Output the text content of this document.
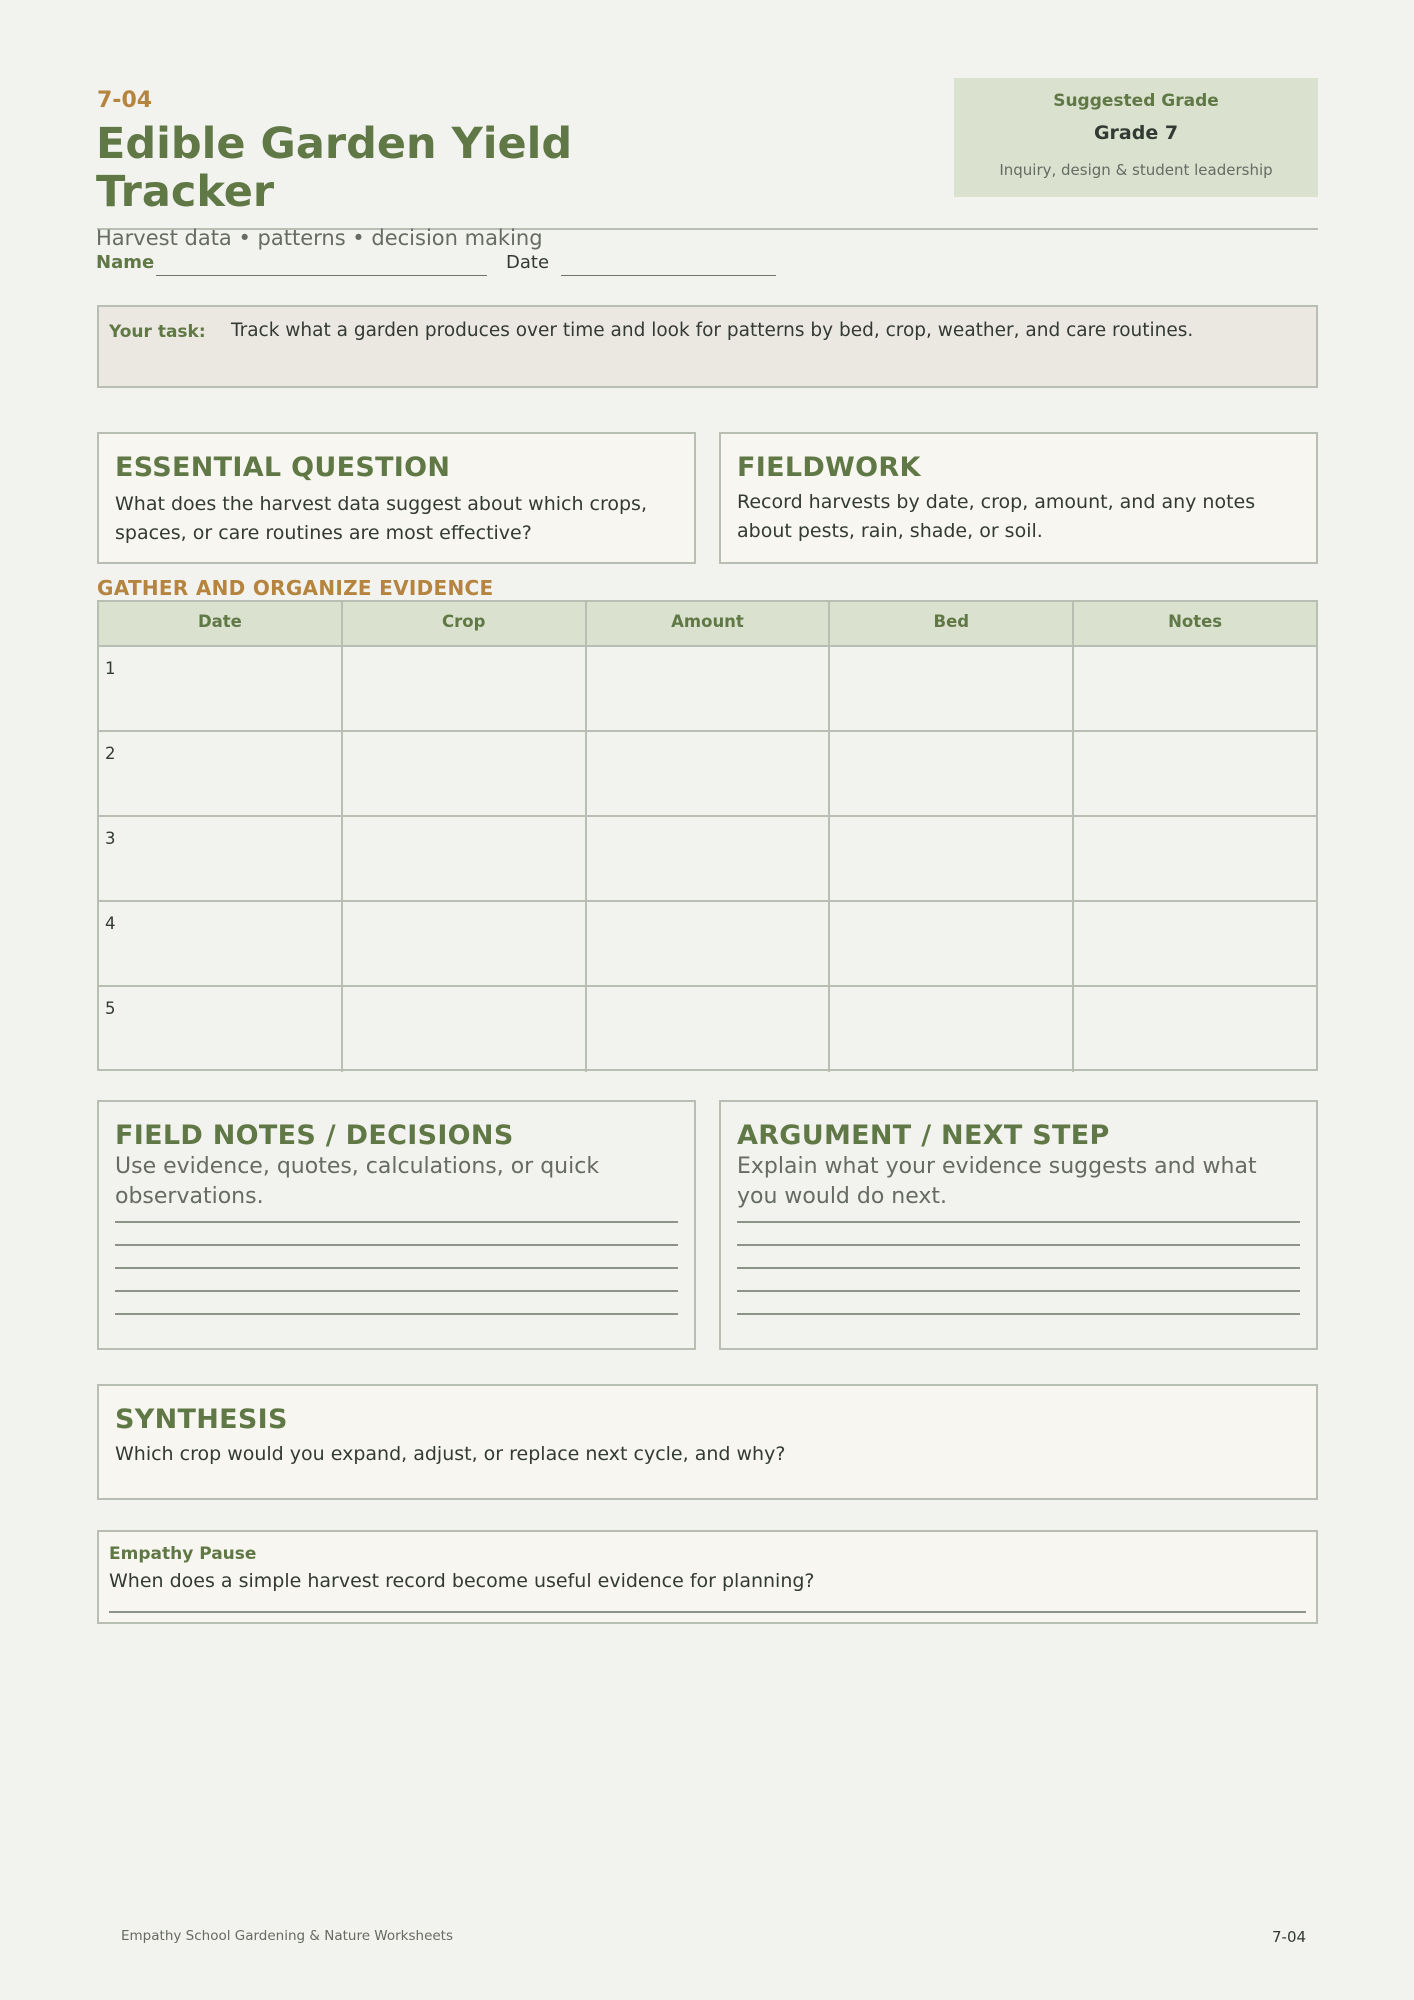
7-04
Edible Garden Yield Tracker
Suggested Grade
Grade 7
Inquiry, design & student leadership
Harvest data • patterns • decision making
Name	Date
Your task: Track what a garden produces over time and look for patterns by bed, crop, weather, and care routines.
ESSENTIAL QUESTION
What does the harvest data suggest about which crops, spaces, or care routines are most effective?
FIELDWORK
Record harvests by date, crop, amount, and any notes about pests, rain, shade, or soil.
GATHER AND ORGANIZE EVIDENCE
Date	Crop	Amount	Bed	Notes
1
2
3
4
5
FIELD NOTES / DECISIONS
Use evidence, quotes, calculations, or quick observations.
ARGUMENT / NEXT STEP
Explain what your evidence suggests and what you would do next.
SYNTHESIS
Which crop would you expand, adjust, or replace next cycle, and why?
Empathy Pause
When does a simple harvest record become useful evidence for planning?
Empathy School Gardening & Nature Worksheets	7-04
